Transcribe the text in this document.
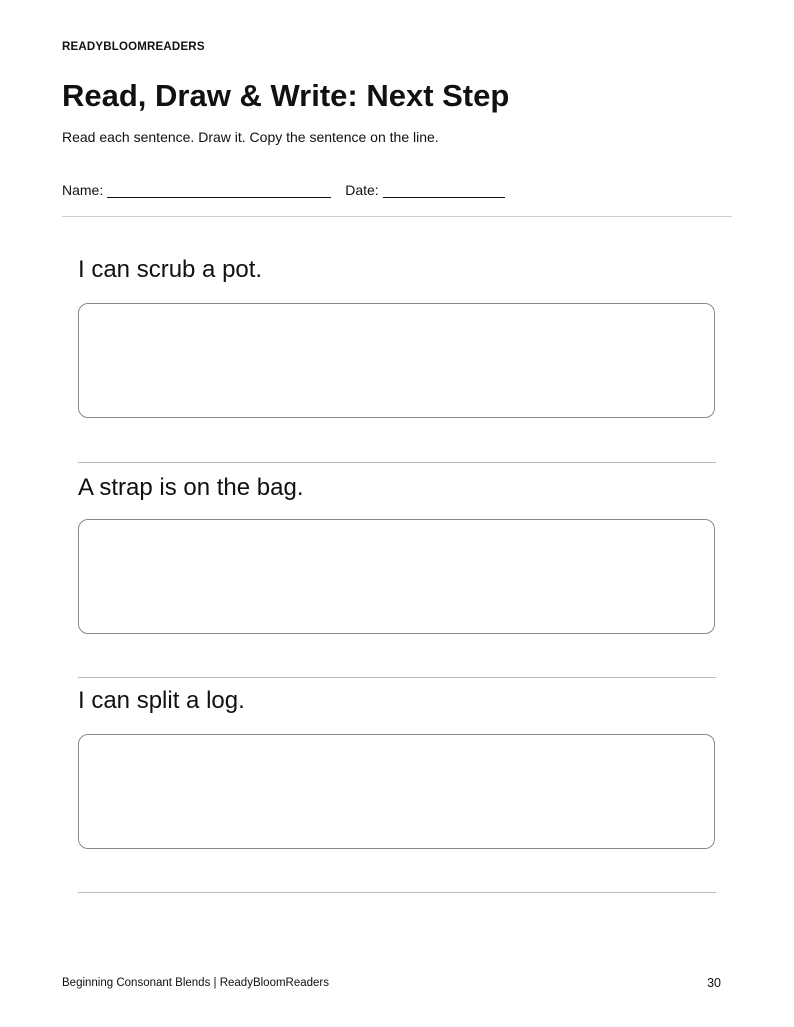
READYBLOOMREADERS
Read, Draw & Write: Next Step
Read each sentence. Draw it. Copy the sentence on the line.
Name:	Date:
I can scrub a pot.
A strap is on the bag.
I can split a log.
Beginning Consonant Blends | ReadyBloomReaders	30
